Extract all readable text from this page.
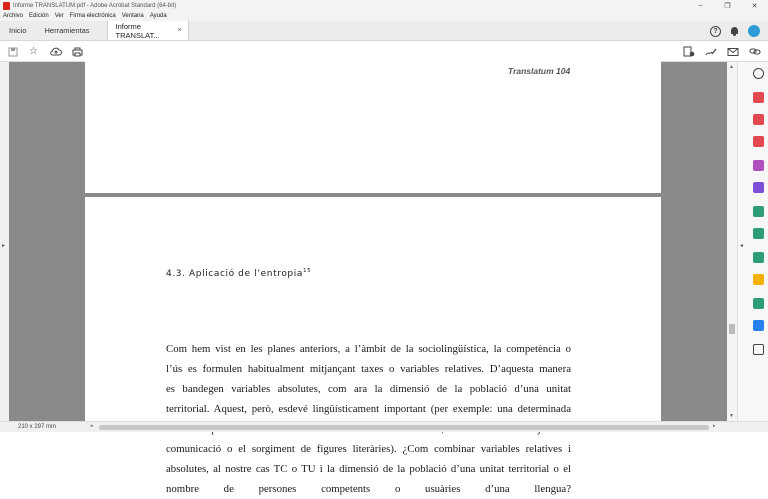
Informe TRANSLATUM.pdf - Adobe Acrobat Standard (64-bit)	–	❐	✕
Archivo Edición Ver Firma electrónica Ventana Ayuda
Inicio	Herramientas	Informe TRANSLAT...	×	?
☆
▸
Translatum 104
4.3. Aplicació de l’entropia$^{15}$

Com hem vist en les planes anteriors, a l’àmbit de la sociolingüística, la competència o

l’ús es formulen habitualment mitjançant taxes o variables relatives. D’aquesta manera

es bandegen variables absolutes, com ara la dimensió de la població d’una unitat

territorial. Aquest, però, esdevé lingüísticament important (per exemple: una determinada

comunicació o el sorgiment de figures literàries). ¿Com combinar variables relatives i

absolutes, al nostre cas TC o TU i la dimensió de la població d’una unitat territorial o el

nombre de persones competents o usuàries d’una llengua?

▲
▼
◂
210 x 297 mm	◂	▸
